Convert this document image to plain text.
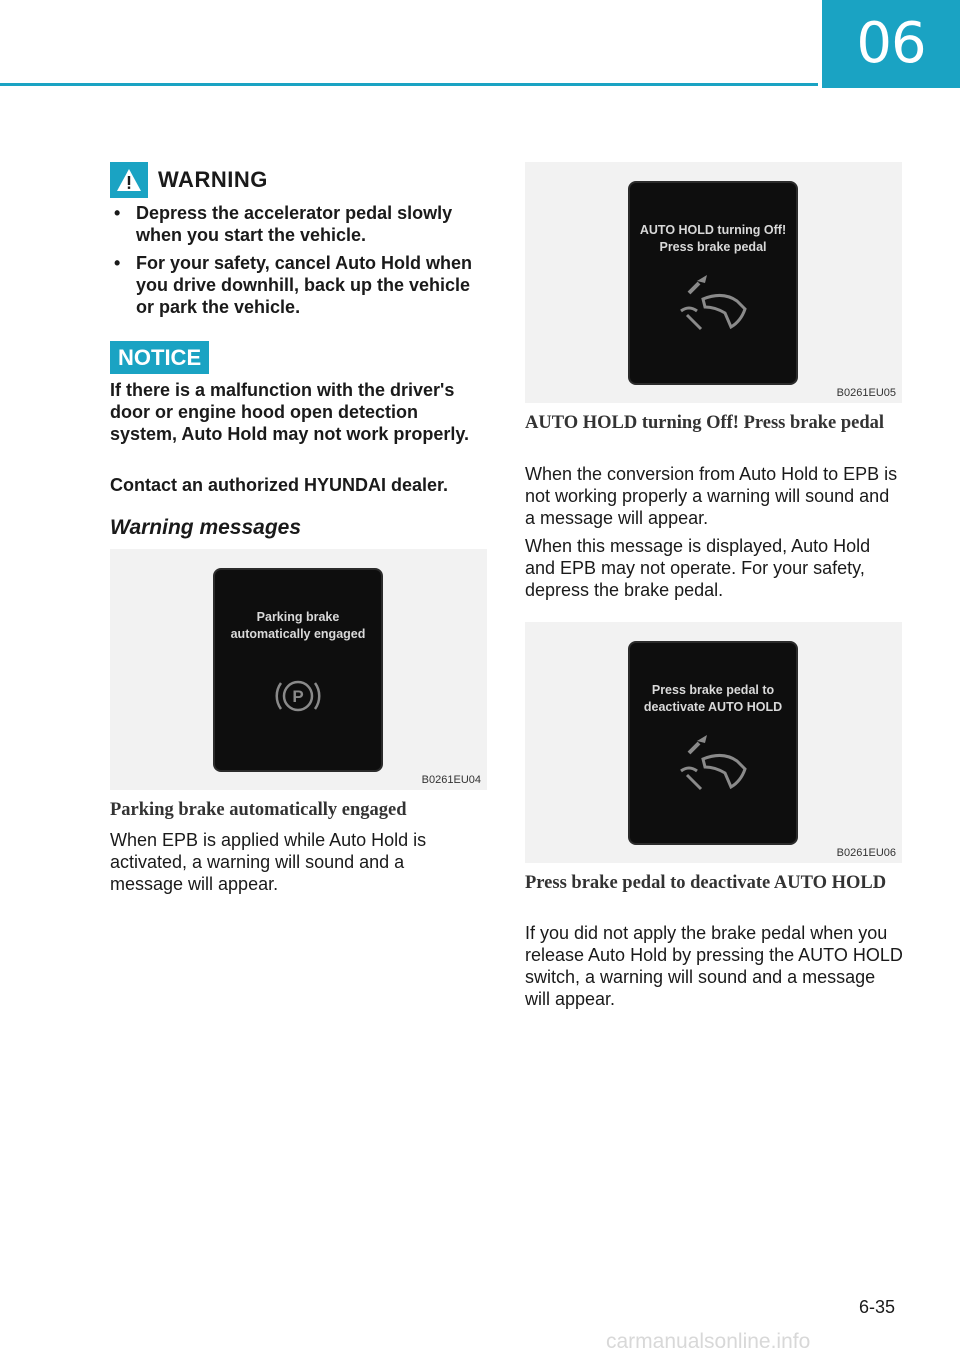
06
WARNING
• Depress the accelerator pedal slowly when you start the vehicle.
• For your safety, cancel Auto Hold when you drive downhill, back up the vehicle or park the vehicle.
NOTICE

If there is a malfunction with the driver's door or engine hood open detection system, Auto Hold may not work properly.

Contact an authorized HYUNDAI dealer.

Warning messages
Parking brake
automatically engaged
P
B0261EU04
Parking brake automatically engaged

When EPB is applied while Auto Hold is activated, a warning will sound and a message will appear.

AUTO HOLD turning Off!
Press brake pedal
B0261EU05
AUTO HOLD turning Off! Press brake pedal

When the conversion from Auto Hold to EPB is not working properly a warning will sound and a message will appear.

When this message is displayed, Auto Hold and EPB may not operate. For your safety, depress the brake pedal.

Press brake pedal to
deactivate AUTO HOLD
B0261EU06
Press brake pedal to deactivate AUTO HOLD

If you did not apply the brake pedal when you release Auto Hold by pressing the AUTO HOLD switch, a warning will sound and a message will appear.

6-35
carmanualsonline.info
